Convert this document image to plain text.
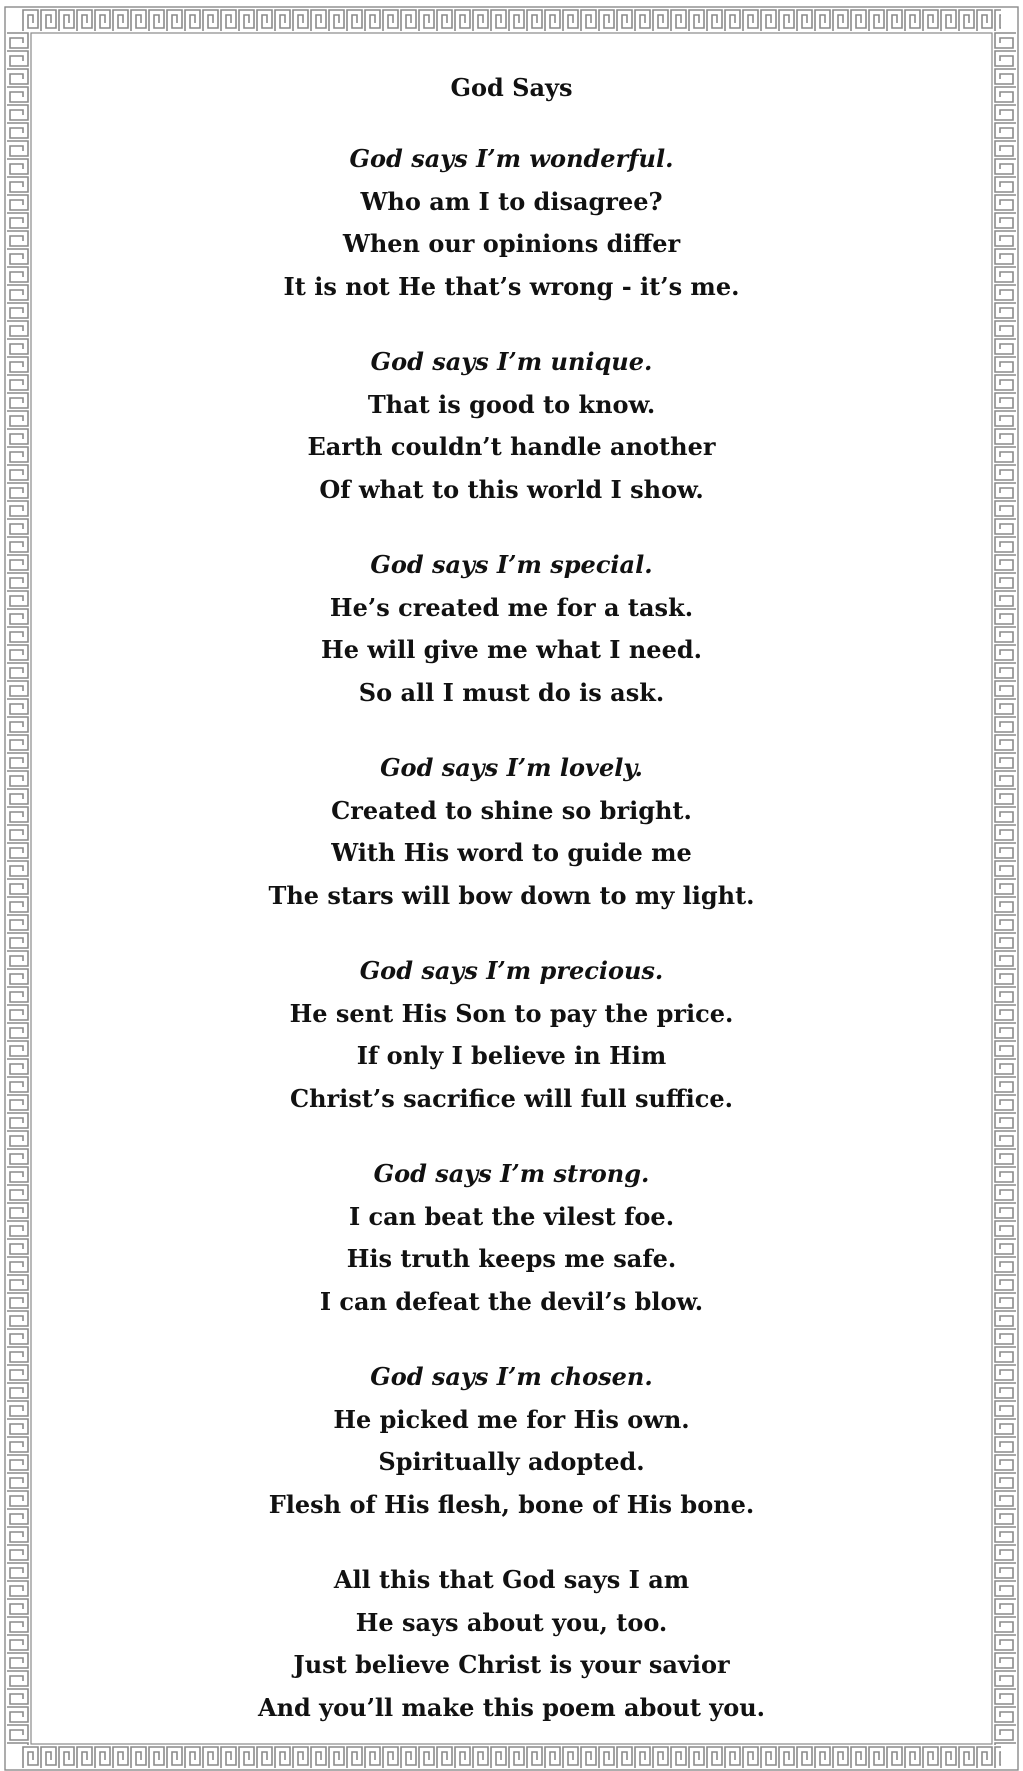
God Says
God says I’m wonderful.
Who am I to disagree?
When our opinions differ
It is not He that’s wrong - it’s me.
God says I’m unique.
That is good to know.
Earth couldn’t handle another
Of what to this world I show.
God says I’m special.
He’s created me for a task.
He will give me what I need.
So all I must do is ask.
God says I’m lovely.
Created to shine so bright.
With His word to guide me
The stars will bow down to my light.
God says I’m precious.
He sent His Son to pay the price.
If only I believe in Him
Christ’s sacrifice will full suffice.
God says I’m strong.
I can beat the vilest foe.
His truth keeps me safe.
I can defeat the devil’s blow.
God says I’m chosen.
He picked me for His own.
Spiritually adopted.
Flesh of His flesh, bone of His bone.
All this that God says I am
He says about you, too.
Just believe Christ is your savior
And you’ll make this poem about you.
